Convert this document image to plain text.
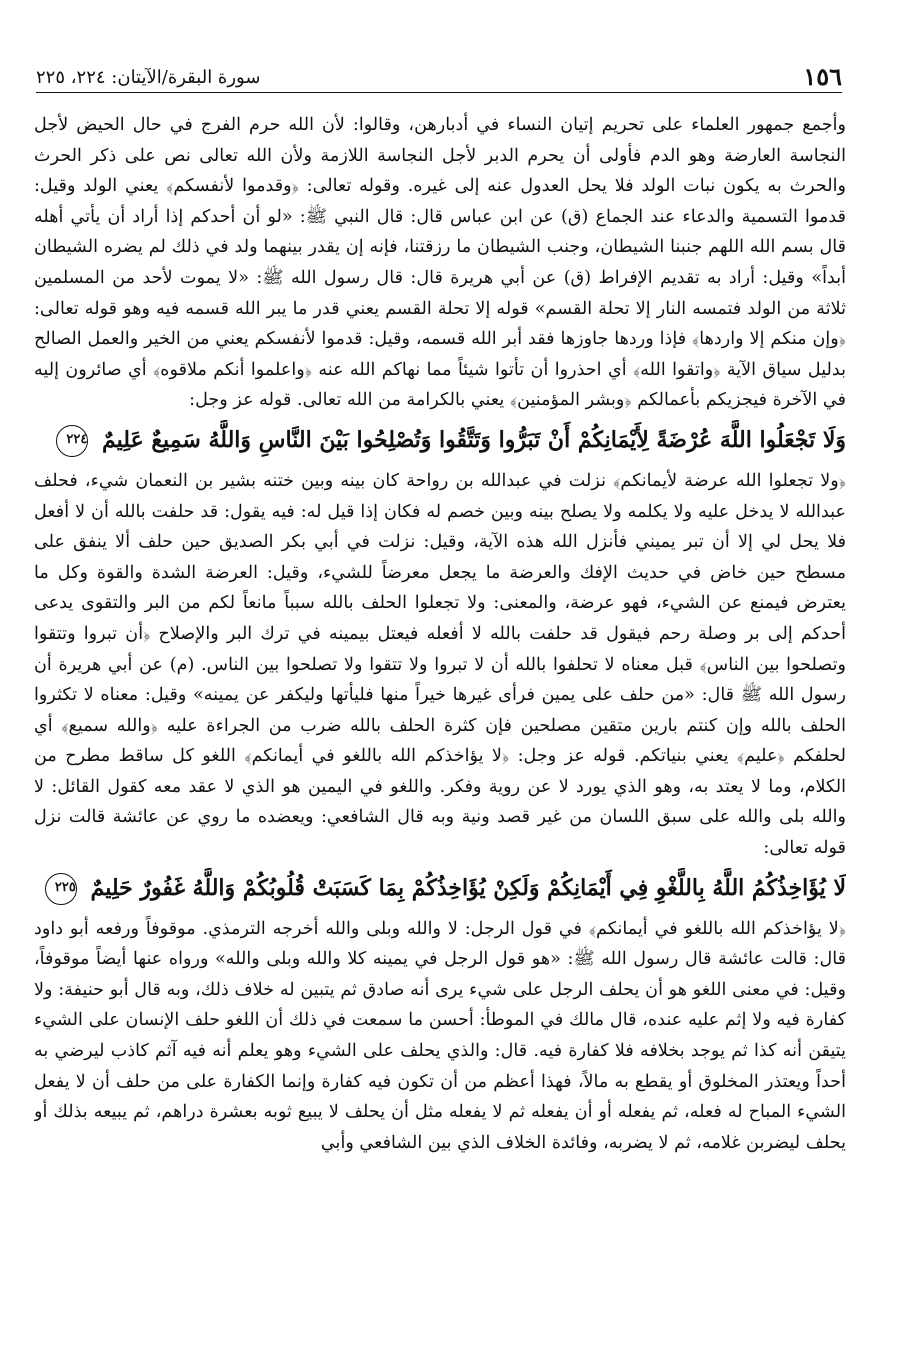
١٥٦
سورة البقرة/الآيتان: ٢٢٤، ٢٢٥

وأجمع جمهور العلماء على تحريم إتيان النساء في أدبارهن، وقالوا: لأن الله حرم الفرج في حال الحيض لأجل النجاسة العارضة وهو الدم فأولى أن يحرم الدبر لأجل النجاسة اللازمة ولأن الله تعالى نص على ذكر الحرث والحرث به يكون نبات الولد فلا يحل العدول عنه إلى غيره. وقوله تعالى: ﴿وقدموا لأنفسكم﴾ يعني الولد وقيل: قدموا التسمية والدعاء عند الجماع (ق) عن ابن عباس قال: قال النبي ﷺ: «لو أن أحدكم إذا أراد أن يأتي أهله قال بسم الله اللهم جنبنا الشيطان، وجنب الشيطان ما رزقتنا، فإنه إن يقدر بينهما ولد في ذلك لم يضره الشيطان أبداً» وقيل: أراد به تقديم الإفراط (ق) عن أبي هريرة قال: قال رسول الله ﷺ: «لا يموت لأحد من المسلمين ثلاثة من الولد فتمسه النار إلا تحلة القسم» قوله إلا تحلة القسم يعني قدر ما يبر الله قسمه فيه وهو قوله تعالى: ﴿وإن منكم إلا واردها﴾ فإذا وردها جاوزها فقد أبر الله قسمه، وقيل: قدموا لأنفسكم يعني من الخير والعمل الصالح بدليل سياق الآية ﴿واتقوا الله﴾ أي احذروا أن تأتوا شيئاً مما نهاكم الله عنه ﴿واعلموا أنكم ملاقوه﴾ أي صائرون إليه في الآخرة فيجزيكم بأعمالكم ﴿وبشر المؤمنين﴾ يعني بالكرامة من الله تعالى. قوله عز وجل:

وَلَا تَجْعَلُوا اللَّهَ عُرْضَةً لِأَيْمَانِكُمْ أَنْ تَبَرُّوا وَتَتَّقُوا وَتُصْلِحُوا بَيْنَ النَّاسِ وَاللَّهُ سَمِيعٌ عَلِيمٌ ٢٢٤

﴿ولا تجعلوا الله عرضة لأيمانكم﴾ نزلت في عبدالله بن رواحة كان بينه وبين ختنه بشير بن النعمان شيء، فحلف عبدالله لا يدخل عليه ولا يكلمه ولا يصلح بينه وبين خصم له فكان إذا قيل له: فيه يقول: قد حلفت بالله أن لا أفعل فلا يحل لي إلا أن تبر يميني فأنزل الله هذه الآية، وقيل: نزلت في أبي بكر الصديق حين حلف ألا ينفق على مسطح حين خاض في حديث الإفك والعرضة ما يجعل معرضاً للشيء، وقيل: العرضة الشدة والقوة وكل ما يعترض فيمنع عن الشيء، فهو عرضة، والمعنى: ولا تجعلوا الحلف بالله سبباً مانعاً لكم من البر والتقوى يدعى أحدكم إلى بر وصلة رحم فيقول قد حلفت بالله لا أفعله فيعتل بيمينه في ترك البر والإصلاح ﴿أن تبروا وتتقوا وتصلحوا بين الناس﴾ قبل معناه لا تحلفوا بالله أن لا تبروا ولا تتقوا ولا تصلحوا بين الناس. (م) عن أبي هريرة أن رسول الله ﷺ قال: «من حلف على يمين فرأى غيرها خيراً منها فليأتها وليكفر عن يمينه» وقيل: معناه لا تكثروا الحلف بالله وإن كنتم بارين متقين مصلحين فإن كثرة الحلف بالله ضرب من الجراءة عليه ﴿والله سميع﴾ أي لحلفكم ﴿عليم﴾ يعني بنياتكم. قوله عز وجل: ﴿لا يؤاخذكم الله باللغو في أيمانكم﴾ اللغو كل ساقط مطرح من الكلام، وما لا يعتد به، وهو الذي يورد لا عن روية وفكر. واللغو في اليمين هو الذي لا عقد معه كقول القائل: لا والله بلى والله على سبق اللسان من غير قصد ونية وبه قال الشافعي: ويعضده ما روي عن عائشة قالت نزل قوله تعالى:

لَا يُؤَاخِذُكُمُ اللَّهُ بِاللَّغْوِ فِي أَيْمَانِكُمْ وَلَكِنْ يُؤَاخِذُكُمْ بِمَا كَسَبَتْ قُلُوبُكُمْ وَاللَّهُ غَفُورٌ حَلِيمٌ ٢٢٥

﴿لا يؤاخذكم الله باللغو في أيمانكم﴾ في قول الرجل: لا والله وبلى والله أخرجه الترمذي. موقوفاً ورفعه أبو داود قال: قالت عائشة قال رسول الله ﷺ: «هو قول الرجل في يمينه كلا والله وبلى والله» ورواه عنها أيضاً موقوفاً، وقيل: في معنى اللغو هو أن يحلف الرجل على شيء يرى أنه صادق ثم يتبين له خلاف ذلك، وبه قال أبو حنيفة: ولا كفارة فيه ولا إثم عليه عنده، قال مالك في الموطأ: أحسن ما سمعت في ذلك أن اللغو حلف الإنسان على الشيء يتيقن أنه كذا ثم يوجد بخلافه فلا كفارة فيه. قال: والذي يحلف على الشيء وهو يعلم أنه فيه آثم كاذب ليرضي به أحداً ويعتذر المخلوق أو يقطع به مالاً، فهذا أعظم من أن تكون فيه كفارة وإنما الكفارة على من حلف أن لا يفعل الشيء المباح له فعله، ثم يفعله أو أن يفعله ثم لا يفعله مثل أن يحلف لا يبيع ثوبه بعشرة دراهم، ثم يبيعه بذلك أو يحلف ليضربن غلامه، ثم لا يضربه، وفائدة الخلاف الذي بين الشافعي وأبي
